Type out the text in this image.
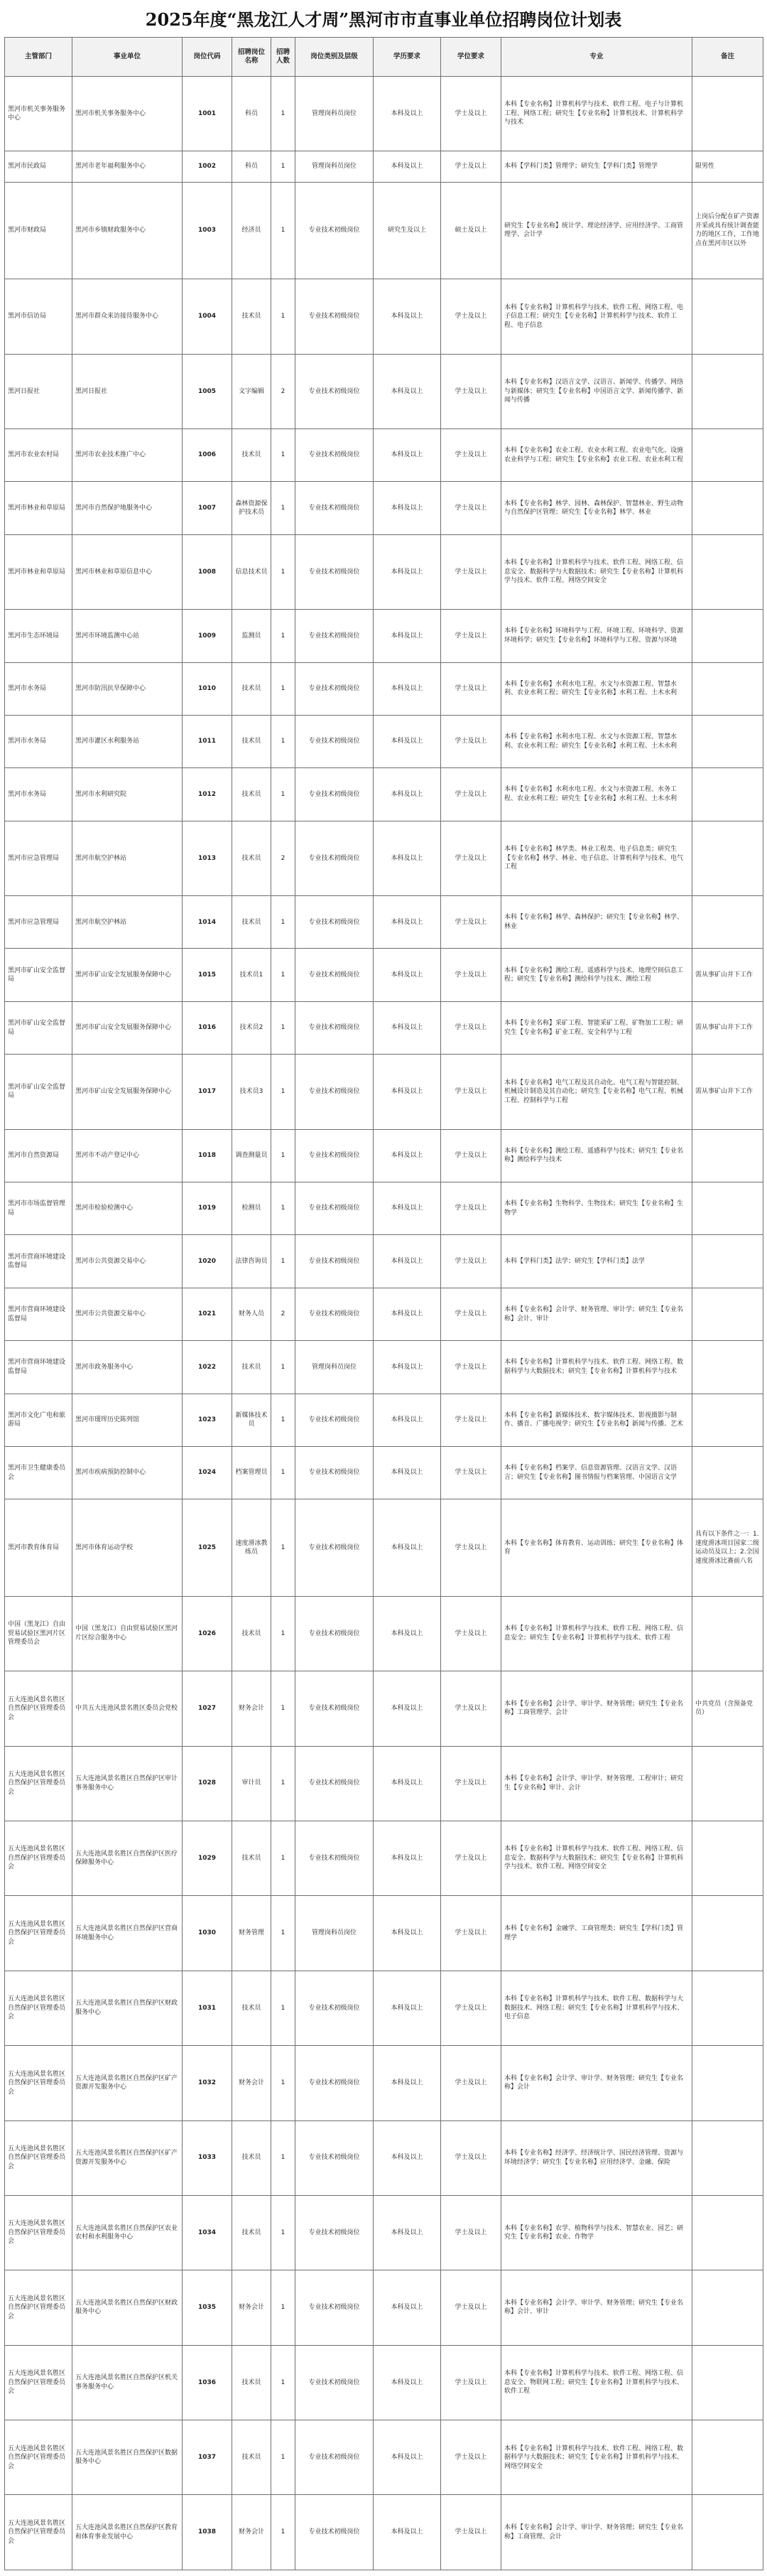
2025年度“黑龙江人才周”黑河市市直事业单位招聘岗位计划表
主管部门	事业单位	岗位代码	招聘岗位名称	招聘人数	岗位类别及层级	学历要求	学位要求	专业	备注
黑河市机关事务服务中心	黑河市机关事务服务中心	1001	科员	1	管理岗科员岗位	本科及以上	学士及以上	本科【专业名称】计算机科学与技术、软件工程、电子与计算机工程、网络工程；研究生【专业名称】计算机技术、计算机科学与技术	
黑河市民政局	黑河市老年福利服务中心	1002	科员	1	管理岗科员岗位	本科及以上	学士及以上	本科【学科门类】管理学；研究生【学科门类】管理学	限男性
黑河市财政局	黑河市乡镇财政服务中心	1003	经济员	1	专业技术初级岗位	研究生及以上	硕士及以上	研究生【专业名称】统计学、理论经济学、应用经济学、工商管理学、会计学	上岗后分配在矿产资源开采或具有统计调查能力的地区工作，工作地点在黑河市区以外
黑河市信访局	黑河市群众来访接待服务中心	1004	技术员	1	专业技术初级岗位	本科及以上	学士及以上	本科【专业名称】计算机科学与技术、软件工程、网络工程、电子信息工程；研究生【专业名称】计算机科学与技术、软件工程、电子信息	
黑河日报社	黑河日报社	1005	文字编辑	2	专业技术初级岗位	本科及以上	学士及以上	本科【专业名称】汉语言文学、汉语言、新闻学、传播学、网络与新媒体；研究生【专业名称】中国语言文学、新闻传播学、新闻与传播	
黑河市农业农村局	黑河市农业技术推广中心	1006	技术员	1	专业技术初级岗位	本科及以上	学士及以上	本科【专业名称】农业工程、农业水利工程、农业电气化、设施农业科学与工程；研究生【专业名称】农业工程、农业水利工程	
黑河市林业和草原局	黑河市自然保护地服务中心	1007	森林资源保护技术员	1	专业技术初级岗位	本科及以上	学士及以上	本科【专业名称】林学、园林、森林保护、智慧林业、野生动物与自然保护区管理；研究生【专业名称】林学、林业	
黑河市林业和草原局	黑河市林业和草原信息中心	1008	信息技术员	1	专业技术初级岗位	本科及以上	学士及以上	本科【专业名称】计算机科学与技术、软件工程、网络工程、信息安全、数据科学与大数据技术；研究生【专业名称】计算机科学与技术、软件工程、网络空间安全	
黑河市生态环境局	黑河市环境监测中心站	1009	监测员	1	专业技术初级岗位	本科及以上	学士及以上	本科【专业名称】环境科学与工程、环境工程、环境科学、资源环境科学；研究生【专业名称】环境科学与工程、资源与环境	
黑河市水务局	黑河市防汛抗旱保障中心	1010	技术员	1	专业技术初级岗位	本科及以上	学士及以上	本科【专业名称】水利水电工程、水文与水资源工程、智慧水利、农业水利工程；研究生【专业名称】水利工程、土木水利	
黑河市水务局	黑河市灌区水利服务站	1011	技术员	1	专业技术初级岗位	本科及以上	学士及以上	本科【专业名称】水利水电工程、水文与水资源工程、智慧水利、农业水利工程；研究生【专业名称】水利工程、土木水利	
黑河市水务局	黑河市水利研究院	1012	技术员	1	专业技术初级岗位	本科及以上	学士及以上	本科【专业名称】水利水电工程、水文与水资源工程、水务工程、农业水利工程；研究生【专业名称】水利工程、土木水利	
黑河市应急管理局	黑河市航空护林站	1013	技术员	2	专业技术初级岗位	本科及以上	学士及以上	本科【专业名称】林学类、林业工程类、电子信息类；研究生【专业名称】林学、林业、电子信息、计算机科学与技术、电气工程	
黑河市应急管理局	黑河市航空护林站	1014	技术员	1	专业技术初级岗位	本科及以上	学士及以上	本科【专业名称】林学、森林保护；研究生【专业名称】林学、林业	
黑河市矿山安全监督局	黑河市矿山安全发展服务保障中心	1015	技术员1	1	专业技术初级岗位	本科及以上	学士及以上	本科【专业名称】测绘工程、遥感科学与技术、地理空间信息工程；研究生【专业名称】测绘科学与技术、测绘工程	需从事矿山井下工作
黑河市矿山安全监督局	黑河市矿山安全发展服务保障中心	1016	技术员2	1	专业技术初级岗位	本科及以上	学士及以上	本科【专业名称】采矿工程、智能采矿工程、矿物加工工程；研究生【专业名称】矿业工程、安全科学与工程	需从事矿山井下工作
黑河市矿山安全监督局	黑河市矿山安全发展服务保障中心	1017	技术员3	1	专业技术初级岗位	本科及以上	学士及以上	本科【专业名称】电气工程及其自动化、电气工程与智能控制、机械设计制造及其自动化；研究生【专业名称】电气工程、机械工程、控制科学与工程	需从事矿山井下工作
黑河市自然资源局	黑河市不动产登记中心	1018	调查测量员	1	专业技术初级岗位	本科及以上	学士及以上	本科【专业名称】测绘工程、遥感科学与技术；研究生【专业名称】测绘科学与技术	
黑河市市场监督管理局	黑河市检验检测中心	1019	检测员	1	专业技术初级岗位	本科及以上	学士及以上	本科【专业名称】生物科学、生物技术；研究生【专业名称】生物学	
黑河市营商环境建设监督局	黑河市公共资源交易中心	1020	法律咨询员	1	专业技术初级岗位	本科及以上	学士及以上	本科【学科门类】法学；研究生【学科门类】法学	
黑河市营商环境建设监督局	黑河市公共资源交易中心	1021	财务人员	2	专业技术初级岗位	本科及以上	学士及以上	本科【专业名称】会计学、财务管理、审计学；研究生【专业名称】会计、审计	
黑河市营商环境建设监督局	黑河市政务服务中心	1022	技术员	1	管理岗科员岗位	本科及以上	学士及以上	本科【专业名称】计算机科学与技术、软件工程、网络工程、数据科学与大数据技术；研究生【专业名称】计算机科学与技术	
黑河市文化广电和旅游局	黑河市瑷珲历史陈列馆	1023	新媒体技术员	1	专业技术初级岗位	本科及以上	学士及以上	本科【专业名称】新媒体技术、数字媒体技术、影视摄影与制作、播音、广播电视学；研究生【专业名称】新闻与传播、艺术	
黑河市卫生健康委员会	黑河市疾病预防控制中心	1024	档案管理员	1	专业技术初级岗位	本科及以上	学士及以上	本科【专业名称】档案学、信息资源管理、汉语言文学、汉语言；研究生【专业名称】图书情报与档案管理、中国语言文学	
黑河市教育体育局	黑河市体育运动学校	1025	速度滑冰教练员	1	专业技术初级岗位	本科及以上	学士及以上	本科【专业名称】体育教育、运动训练；研究生【专业名称】体育	具有以下条件之一：1.速度滑冰项目国家二级运动员及以上；2.全国速度滑冰比赛前八名
中国（黑龙江）自由贸易试验区黑河片区管理委员会	中国（黑龙江）自由贸易试验区黑河片区综合服务中心	1026	技术员	1	专业技术初级岗位	本科及以上	学士及以上	本科【专业名称】计算机科学与技术、软件工程、网络工程、信息安全；研究生【专业名称】计算机科学与技术、软件工程	
五大连池风景名胜区自然保护区管理委员会	中共五大连池风景名胜区委员会党校	1027	财务会计	1	专业技术初级岗位	本科及以上	学士及以上	本科【专业名称】会计学、审计学、财务管理；研究生【专业名称】工商管理学、会计	中共党员（含预备党员）
五大连池风景名胜区自然保护区管理委员会	五大连池风景名胜区自然保护区审计事务服务中心	1028	审计员	1	专业技术初级岗位	本科及以上	学士及以上	本科【专业名称】会计学、审计学、财务管理、工程审计；研究生【专业名称】审计、会计	
五大连池风景名胜区自然保护区管理委员会	五大连池风景名胜区自然保护区医疗保障服务中心	1029	技术员	1	专业技术初级岗位	本科及以上	学士及以上	本科【专业名称】计算机科学与技术、软件工程、网络工程、信息安全、数据科学与大数据技术；研究生【专业名称】计算机科学与技术、软件工程、网络空间安全	
五大连池风景名胜区自然保护区管理委员会	五大连池风景名胜区自然保护区营商环境服务中心	1030	财务管理	1	管理岗科员岗位	本科及以上	学士及以上	本科【专业名称】金融学、工商管理类；研究生【学科门类】管理学	
五大连池风景名胜区自然保护区管理委员会	五大连池风景名胜区自然保护区财政服务中心	1031	技术员	1	专业技术初级岗位	本科及以上	学士及以上	本科【专业名称】计算机科学与技术、软件工程、数据科学与大数据技术、网络工程；研究生【专业名称】计算机科学与技术、电子信息	
五大连池风景名胜区自然保护区管理委员会	五大连池风景名胜区自然保护区矿产资源开发服务中心	1032	财务会计	1	专业技术初级岗位	本科及以上	学士及以上	本科【专业名称】会计学、审计学、财务管理；研究生【专业名称】会计	
五大连池风景名胜区自然保护区管理委员会	五大连池风景名胜区自然保护区矿产资源开发服务中心	1033	技术员	1	专业技术初级岗位	本科及以上	学士及以上	本科【专业名称】经济学、经济统计学、国民经济管理、资源与环境经济学；研究生【专业名称】应用经济学、金融、保险	
五大连池风景名胜区自然保护区管理委员会	五大连池风景名胜区自然保护区农业农村和水利服务中心	1034	技术员	1	专业技术初级岗位	本科及以上	学士及以上	本科【专业名称】农学、植物科学与技术、智慧农业、园艺；研究生【专业名称】农业、作物学	
五大连池风景名胜区自然保护区管理委员会	五大连池风景名胜区自然保护区财政服务中心	1035	财务会计	1	专业技术初级岗位	本科及以上	学士及以上	本科【专业名称】会计学、审计学、财务管理；研究生【专业名称】会计、审计	
五大连池风景名胜区自然保护区管理委员会	五大连池风景名胜区自然保护区机关事务服务中心	1036	技术员	1	专业技术初级岗位	本科及以上	学士及以上	本科【专业名称】计算机科学与技术、软件工程、网络工程、信息安全、物联网工程；研究生【专业名称】计算机科学与技术、软件工程	
五大连池风景名胜区自然保护区管理委员会	五大连池风景名胜区自然保护区数据服务中心	1037	技术员	1	专业技术初级岗位	本科及以上	学士及以上	本科【专业名称】计算机科学与技术、软件工程、网络工程、数据科学与大数据技术；研究生【专业名称】计算机科学与技术、网络空间安全	
五大连池风景名胜区自然保护区管理委员会	五大连池风景名胜区自然保护区教育和体育事业发展中心	1038	财务会计	1	专业技术初级岗位	本科及以上	学士及以上	本科【专业名称】会计学、审计学、财务管理；研究生【专业名称】工商管理、会计	
